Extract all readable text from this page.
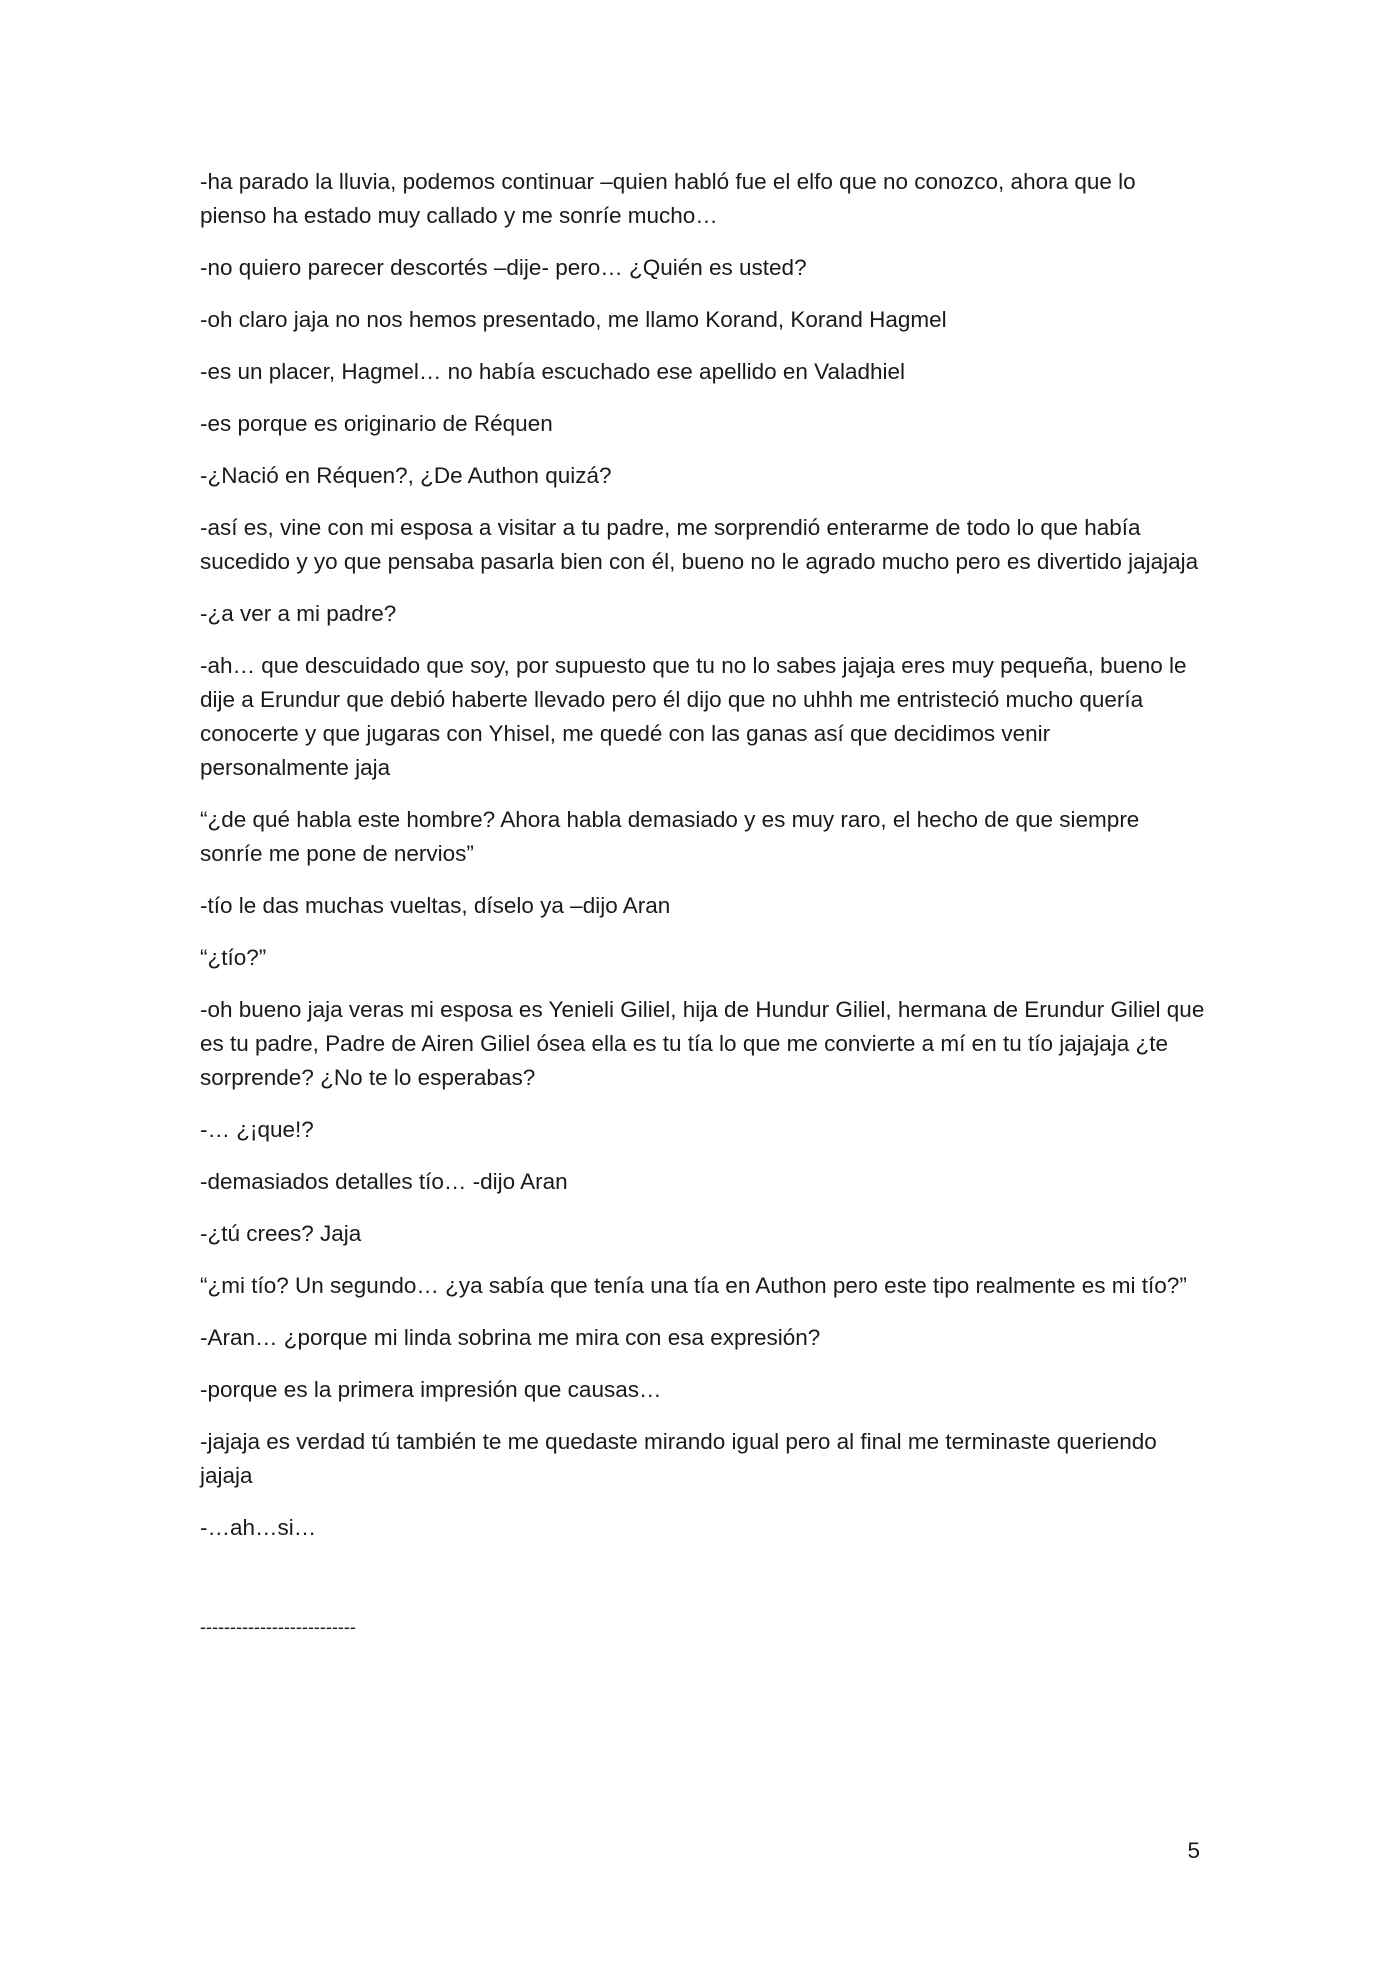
-ha parado la lluvia, podemos continuar –quien habló fue el elfo que no conozco, ahora que lo pienso ha estado muy callado y me sonríe mucho…

-no quiero parecer descortés –dije- pero… ¿Quién es usted?

-oh claro jaja no nos hemos presentado, me llamo Korand, Korand Hagmel

-es un placer, Hagmel… no había escuchado ese apellido en Valadhiel

-es porque es originario de Réquen

-¿Nació en Réquen?, ¿De Authon quizá?

-así es, vine con mi esposa a visitar a tu padre, me sorprendió enterarme de todo lo que había sucedido y yo que pensaba pasarla bien con él, bueno no le agrado mucho pero es divertido jajajaja

-¿a ver a mi padre?

-ah… que descuidado que soy, por supuesto que tu no lo sabes jajaja eres muy pequeña, bueno le dije a Erundur que debió haberte llevado pero él dijo que no uhhh me entristeció mucho quería conocerte y que jugaras con Yhisel, me quedé con las ganas así que decidimos venir personalmente jaja

“¿de qué habla este hombre? Ahora habla demasiado y es muy raro, el hecho de que siempre sonríe me pone de nervios”

-tío le das muchas vueltas, díselo ya –dijo Aran

“¿tío?”

-oh bueno jaja veras mi esposa es Yenieli Giliel, hija de Hundur Giliel, hermana de Erundur Giliel que es tu padre, Padre de Airen Giliel ósea ella es tu tía lo que me convierte a mí en tu tío jajajaja ¿te sorprende? ¿No te lo esperabas?

-… ¿¡que!?

-demasiados detalles tío… -dijo Aran

-¿tú crees? Jaja

“¿mi tío? Un segundo… ¿ya sabía que tenía una tía en Authon pero este tipo realmente es mi tío?”

-Aran… ¿porque mi linda sobrina me mira con esa expresión?

-porque es la primera impresión que causas…

-jajaja es verdad tú también te me quedaste mirando igual pero al final me terminaste queriendo jajaja

-…ah…si…

--------------------------
5
